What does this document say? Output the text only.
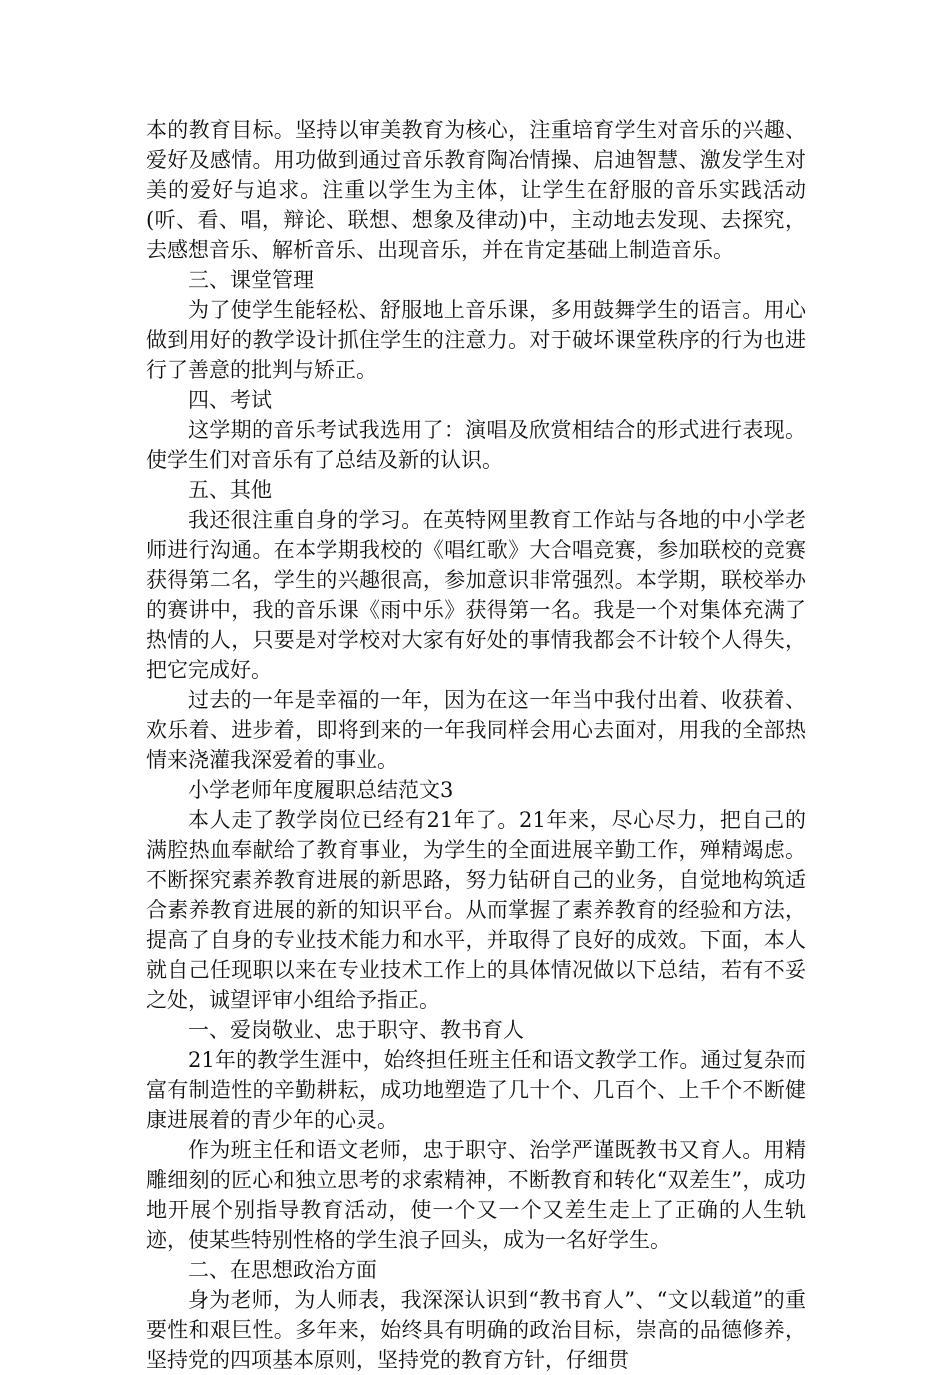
本的教育目标。坚持以审美教育为核心，注重培育学生对音乐的兴趣、爱好及感情。用功做到通过音乐教育陶冶情操、启迪智慧、激发学生对美的爱好与追求。注重以学生为主体，让学生在舒服的音乐实践活动(听、看、唱，辩论、联想、想象及律动)中，主动地去发现、去探究，去感想音乐、解析音乐、出现音乐，并在肯定基础上制造音乐。

三、课堂管理

为了使学生能轻松、舒服地上音乐课，多用鼓舞学生的语言。用心做到用好的教学设计抓住学生的注意力。对于破坏课堂秩序的行为也进行了善意的批判与矫正。

四、考试

这学期的音乐考试我选用了：演唱及欣赏相结合的形式进行表现。使学生们对音乐有了总结及新的认识。

五、其他

我还很注重自身的学习。在英特网里教育工作站与各地的中小学老师进行沟通。在本学期我校的《唱红歌》大合唱竞赛，参加联校的竞赛获得第二名，学生的兴趣很高，参加意识非常强烈。本学期，联校举办的赛讲中，我的音乐课《雨中乐》获得第一名。我是一个对集体充满了热情的人，只要是对学校对大家有好处的事情我都会不计较个人得失，把它完成好。

过去的一年是幸福的一年，因为在这一年当中我付出着、收获着、欢乐着、进步着，即将到来的一年我同样会用心去面对，用我的全部热情来浇灌我深爱着的事业。

小学老师年度履职总结范文3

本人走了教学岗位已经有21年了。21年来，尽心尽力，把自己的满腔热血奉献给了教育事业，为学生的全面进展辛勤工作，殚精竭虑。不断探究素养教育进展的新思路，努力钻研自己的业务，自觉地构筑适合素养教育进展的新的知识平台。从而掌握了素养教育的经验和方法，提高了自身的专业技术能力和水平，并取得了良好的成效。下面，本人就自己任现职以来在专业技术工作上的具体情况做以下总结，若有不妥之处，诚望评审小组给予指正。

一、爱岗敬业、忠于职守、教书育人

21年的教学生涯中，始终担任班主任和语文教学工作。通过复杂而富有制造性的辛勤耕耘，成功地塑造了几十个、几百个、上千个不断健康进展着的青少年的心灵。

作为班主任和语文老师，忠于职守、治学严谨既教书又育人。用精雕细刻的匠心和独立思考的求索精神，不断教育和转化“双差生”，成功地开展个别指导教育活动，使一个又一个又差生走上了正确的人生轨迹，使某些特别性格的学生浪子回头，成为一名好学生。

二、在思想政治方面

身为老师，为人师表，我深深认识到“教书育人”、“文以载道”的重要性和艰巨性。多年来，始终具有明确的政治目标，崇高的品德修养，坚持党的四项基本原则，坚持党的教育方针，仔细贯
